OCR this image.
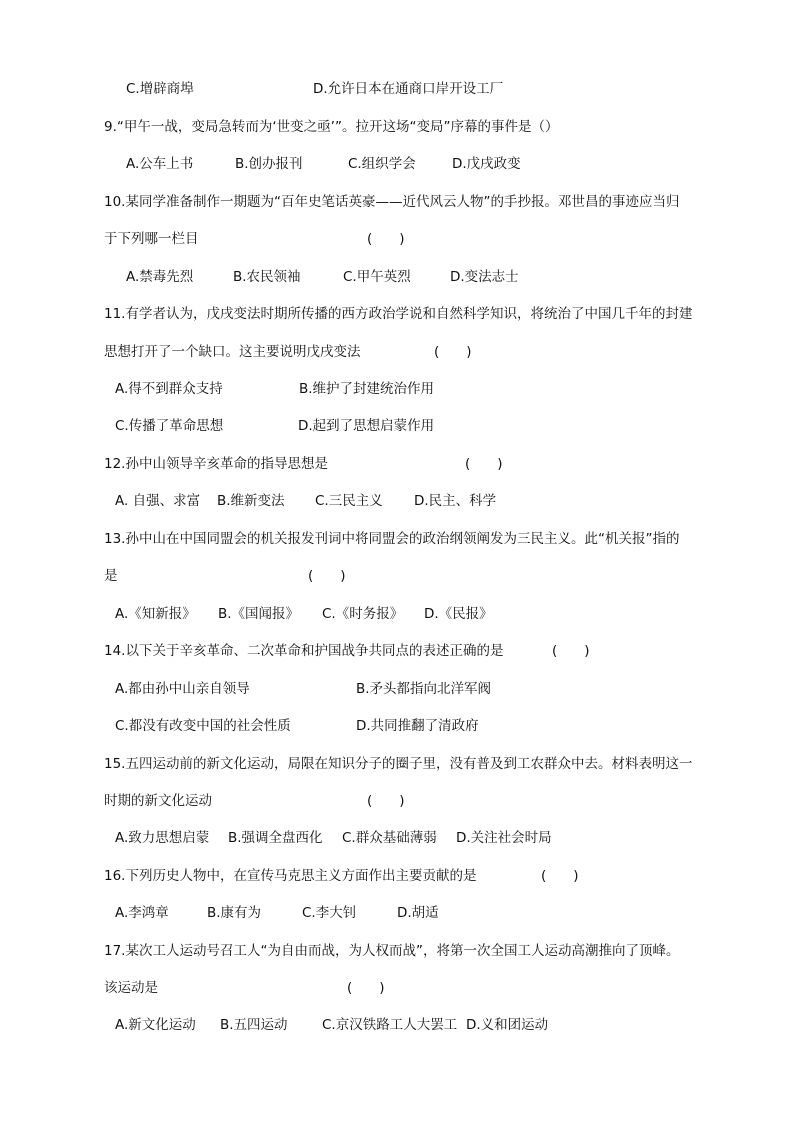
C.增辟商埠	D.允许日本在通商口岸开设工厂
9.“甲午一战，变局急转而为‘世变之亟’”。拉开这场“变局”序幕的事件是（）
A.公车上书	B.创办报刊	C.组织学会	D.戊戌政变
10.某同学准备制作一期题为“百年史笔话英豪——近代风云人物”的手抄报。邓世昌的事迹应当归
于下列哪一栏目	(　　)
A.禁毒先烈	B.农民领袖	C.甲午英烈	D.变法志士
11.有学者认为，戊戌变法时期所传播的西方政治学说和自然科学知识，将统治了中国几千年的封建
思想打开了一个缺口。这主要说明戊戌变法	(　　)
A.得不到群众支持	B.维护了封建统治作用
C.传播了革命思想	D.起到了思想启蒙作用
12.孙中山领导辛亥革命的指导思想是	(　　)
A. 自强、求富 B.维新变法 C.三民主义 D.民主、科学
13.孙中山在中国同盟会的机关报发刊词中将同盟会的政治纲领阐发为三民主义。此“机关报”指的
是	(　　)
A.《知新报》 B.《国闻报》 C.《时务报》 D.《民报》
14.以下关于辛亥革命、二次革命和护国战争共同点的表述正确的是	(　　)
A.都由孙中山亲自领导	B.矛头都指向北洋军阀
C.都没有改变中国的社会性质	D.共同推翻了清政府
15.五四运动前的新文化运动，局限在知识分子的圈子里，没有普及到工农群众中去。材料表明这一
时期的新文化运动	(　　)
A.致力思想启蒙 B.强调全盘西化 C.群众基础薄弱 D.关注社会时局
16.下列历史人物中，在宣传马克思主义方面作出主要贡献的是	(　　)
A.李鸿章	B.康有为	C.李大钊	D.胡适
17.某次工人运动号召工人“为自由而战，为人权而战”，将第一次全国工人运动高潮推向了顶峰。
该运动是	(　　)
A.新文化运动 B.五四运动	C.京汉铁路工人大罢工 D.义和团运动
